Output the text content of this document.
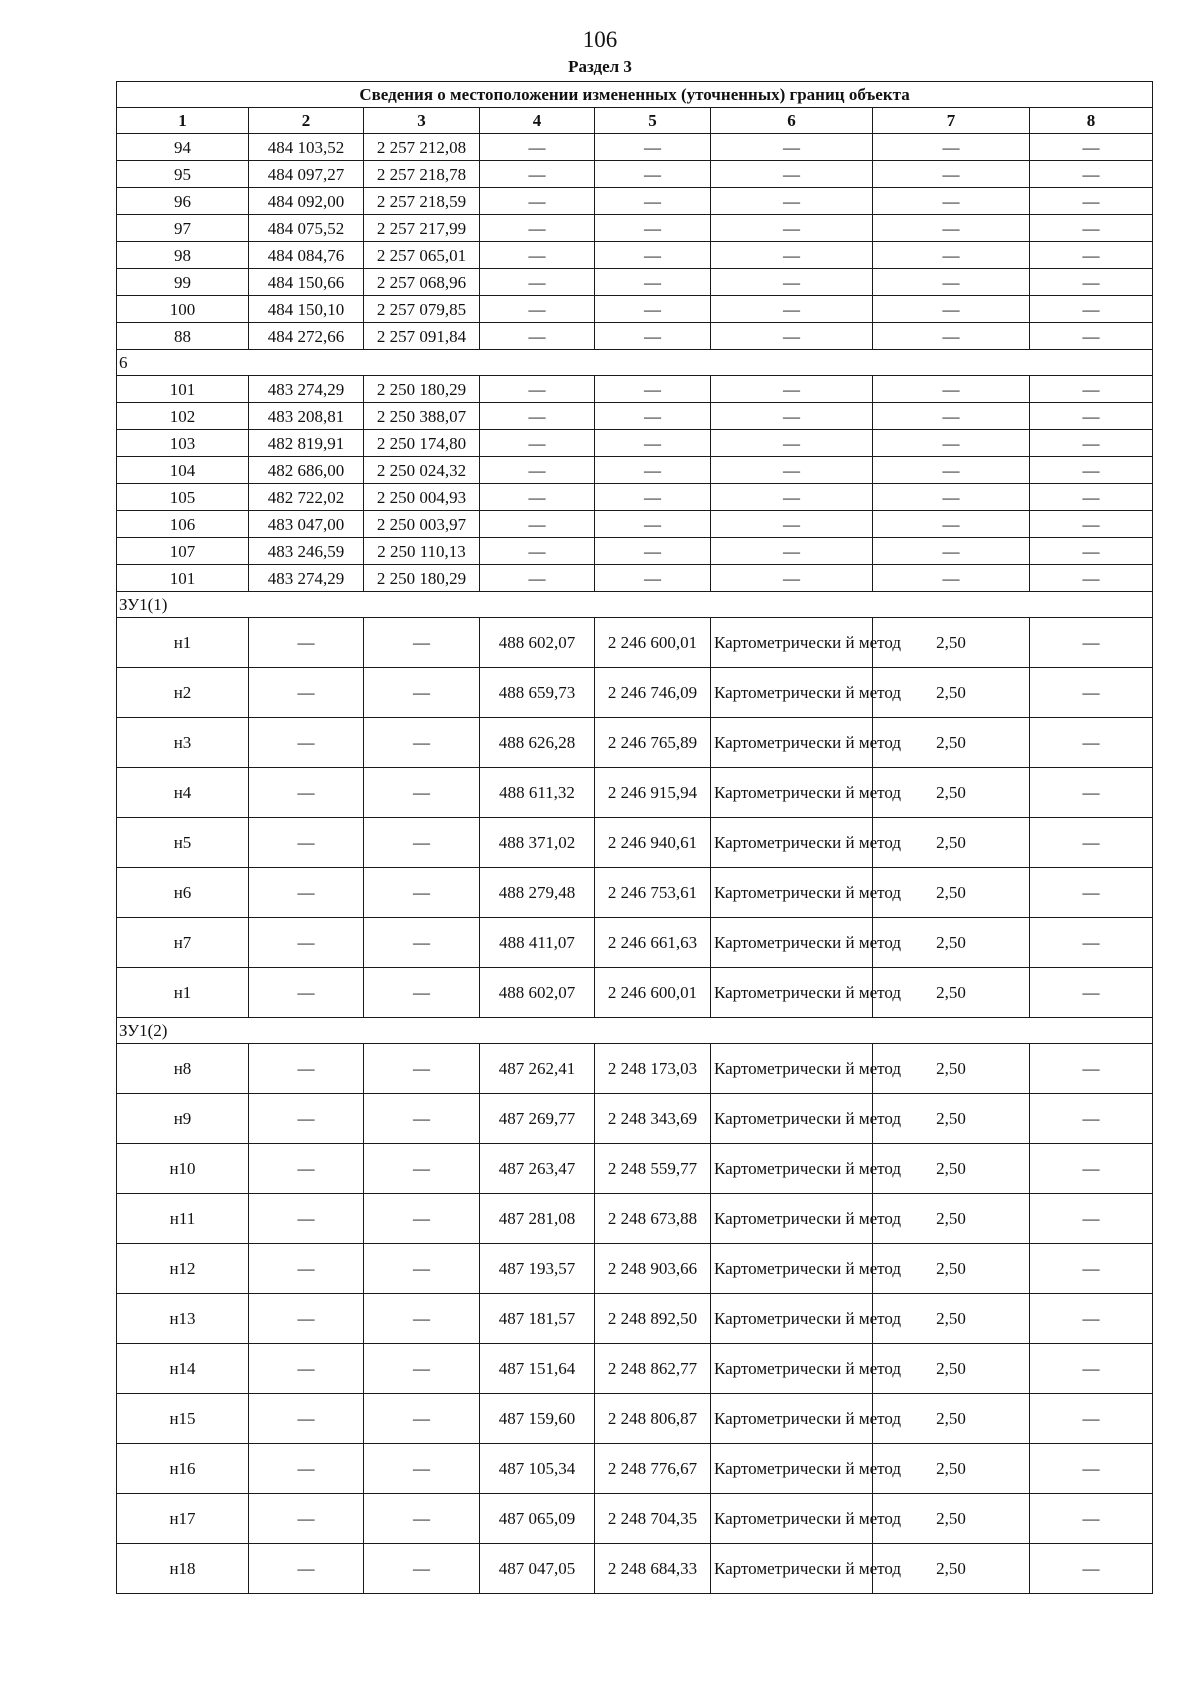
106
Раздел 3
Сведения о местоположении измененных (уточненных) границ объекта							
1	2	3	4	5	6	7	8
94	484 103,52	2 257 212,08	—	—	—	—	—
95	484 097,27	2 257 218,78	—	—	—	—	—
96	484 092,00	2 257 218,59	—	—	—	—	—
97	484 075,52	2 257 217,99	—	—	—	—	—
98	484 084,76	2 257 065,01	—	—	—	—	—
99	484 150,66	2 257 068,96	—	—	—	—	—
100	484 150,10	2 257 079,85	—	—	—	—	—
88	484 272,66	2 257 091,84	—	—	—	—	—
6							
101	483 274,29	2 250 180,29	—	—	—	—	—
102	483 208,81	2 250 388,07	—	—	—	—	—
103	482 819,91	2 250 174,80	—	—	—	—	—
104	482 686,00	2 250 024,32	—	—	—	—	—
105	482 722,02	2 250 004,93	—	—	—	—	—
106	483 047,00	2 250 003,97	—	—	—	—	—
107	483 246,59	2 250 110,13	—	—	—	—	—
101	483 274,29	2 250 180,29	—	—	—	—	—
ЗУ1(1)							
н1	—	—	488 602,07	2 246 600,01	Картометрически й метод	2,50	—
н2	—	—	488 659,73	2 246 746,09	Картометрически й метод	2,50	—
н3	—	—	488 626,28	2 246 765,89	Картометрически й метод	2,50	—
н4	—	—	488 611,32	2 246 915,94	Картометрически й метод	2,50	—
н5	—	—	488 371,02	2 246 940,61	Картометрически й метод	2,50	—
н6	—	—	488 279,48	2 246 753,61	Картометрически й метод	2,50	—
н7	—	—	488 411,07	2 246 661,63	Картометрически й метод	2,50	—
н1	—	—	488 602,07	2 246 600,01	Картометрически й метод	2,50	—
ЗУ1(2)							
н8	—	—	487 262,41	2 248 173,03	Картометрически й метод	2,50	—
н9	—	—	487 269,77	2 248 343,69	Картометрически й метод	2,50	—
н10	—	—	487 263,47	2 248 559,77	Картометрически й метод	2,50	—
н11	—	—	487 281,08	2 248 673,88	Картометрически й метод	2,50	—
н12	—	—	487 193,57	2 248 903,66	Картометрически й метод	2,50	—
н13	—	—	487 181,57	2 248 892,50	Картометрически й метод	2,50	—
н14	—	—	487 151,64	2 248 862,77	Картометрически й метод	2,50	—
н15	—	—	487 159,60	2 248 806,87	Картометрически й метод	2,50	—
н16	—	—	487 105,34	2 248 776,67	Картометрически й метод	2,50	—
н17	—	—	487 065,09	2 248 704,35	Картометрически й метод	2,50	—
н18	—	—	487 047,05	2 248 684,33	Картометрически й метод	2,50	—
